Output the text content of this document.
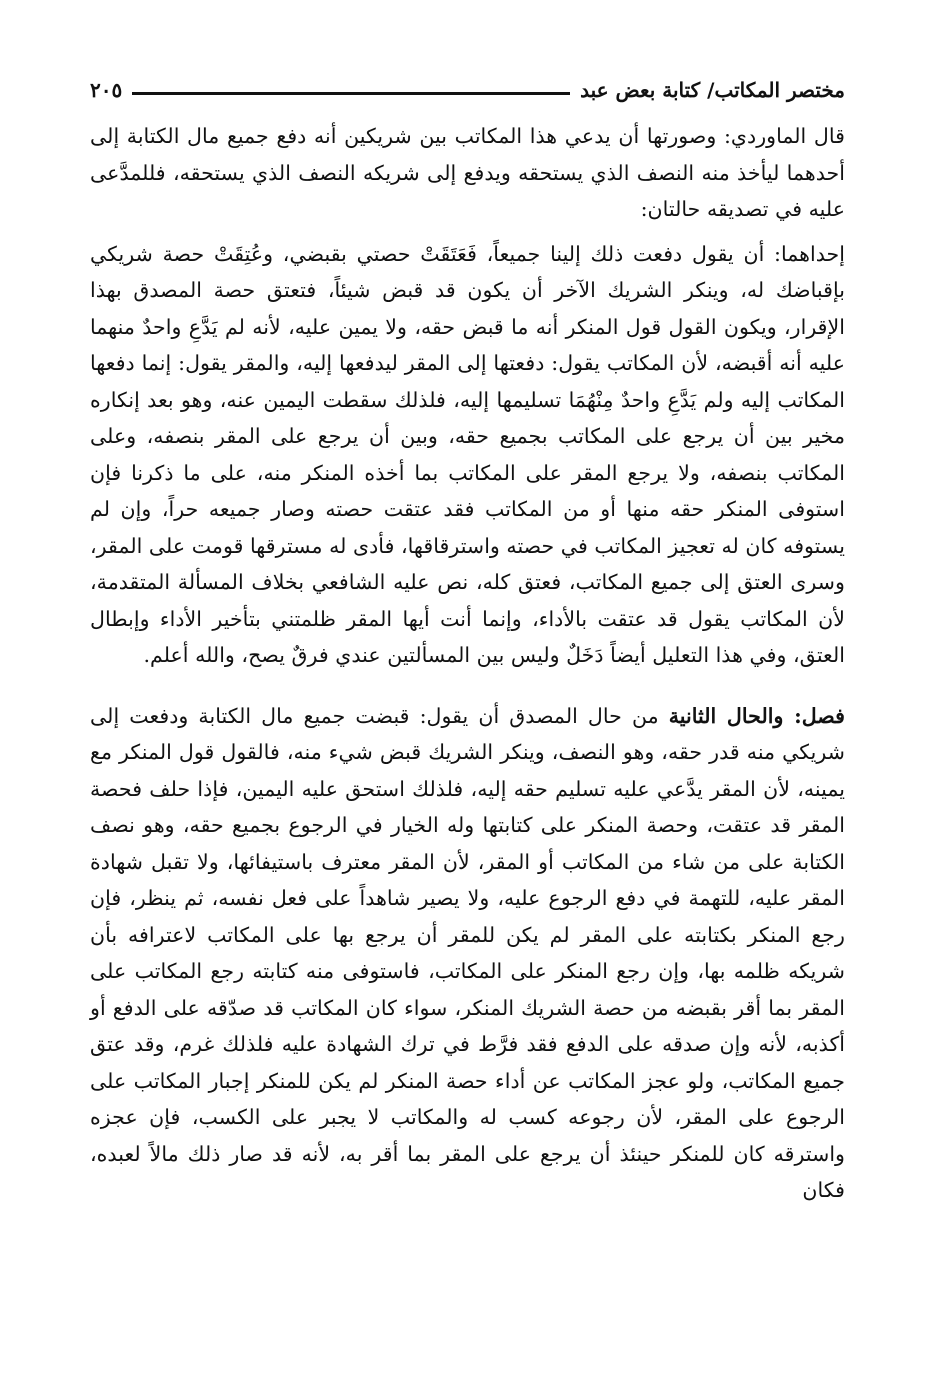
مختصر المكاتب/ كتابة بعض عبد
٢٠٥

قال الماوردي: وصورتها أن يدعي هذا المكاتب بين شريكين أنه دفع جميع مال الكتابة إلى أحدهما ليأخذ منه النصف الذي يستحقه ويدفع إلى شريكه النصف الذي يستحقه، فللمدَّعى عليه في تصديقه حالتان:

إحداهما: أن يقول دفعت ذلك إلينا جميعاً، فَعَتَقَتْ حصتي بقبضي، وعُتِقَتْ حصة شريكي بإقباضك له، وينكر الشريك الآخر أن يكون قد قبض شيئاً، فتعتق حصة المصدق بهذا الإقرار، ويكون القول قول المنكر أنه ما قبض حقه، ولا يمين عليه، لأنه لم يَدَّعِ واحدٌ منهما عليه أنه أقبضه، لأن المكاتب يقول: دفعتها إلى المقر ليدفعها إليه، والمقر يقول: إنما دفعها المكاتب إليه ولم يَدَّعِ واحدٌ مِنْهُمَا تسليمها إليه، فلذلك سقطت اليمين عنه، وهو بعد إنكاره مخير بين أن يرجع على المكاتب بجميع حقه، وبين أن يرجع على المقر بنصفه، وعلى المكاتب بنصفه، ولا يرجع المقر على المكاتب بما أخذه المنكر منه، على ما ذكرنا فإن استوفى المنكر حقه منها أو من المكاتب فقد عتقت حصته وصار جميعه حراً، وإن لم يستوفه كان له تعجيز المكاتب في حصته واسترقاقها، فأدى له مسترقها قومت على المقر، وسرى العتق إلى جميع المكاتب، فعتق كله، نص عليه الشافعي بخلاف المسألة المتقدمة، لأن المكاتب يقول قد عتقت بالأداء، وإنما أنت أيها المقر ظلمتني بتأخير الأداء وإبطال العتق، وفي هذا التعليل أيضاً دَخَلٌ وليس بين المسألتين عندي فرقٌ يصح، والله أعلم.

فصل: والحال الثانية من حال المصدق أن يقول: قبضت جميع مال الكتابة ودفعت إلى شريكي منه قدر حقه، وهو النصف، وينكر الشريك قبض شيء منه، فالقول قول المنكر مع يمينه، لأن المقر يدَّعي عليه تسليم حقه إليه، فلذلك استحق عليه اليمين، فإذا حلف فحصة المقر قد عتقت، وحصة المنكر على كتابتها وله الخيار في الرجوع بجميع حقه، وهو نصف الكتابة على من شاء من المكاتب أو المقر، لأن المقر معترف باستيفائها، ولا تقبل شهادة المقر عليه، للتهمة في دفع الرجوع عليه، ولا يصير شاهداً على فعل نفسه، ثم ينظر، فإن رجع المنكر بكتابته على المقر لم يكن للمقر أن يرجع بها على المكاتب لاعترافه بأن شريكه ظلمه بها، وإن رجع المنكر على المكاتب، فاستوفى منه كتابته رجع المكاتب على المقر بما أقر بقبضه من حصة الشريك المنكر، سواء كان المكاتب قد صدّقه على الدفع أو أكذبه، لأنه وإن صدقه على الدفع فقد فرَّط في ترك الشهادة عليه فلذلك غرم، وقد عتق جميع المكاتب، ولو عجز المكاتب عن أداء حصة المنكر لم يكن للمنكر إجبار المكاتب على الرجوع على المقر، لأن رجوعه كسب له والمكاتب لا يجبر على الكسب، فإن عجزه واسترقه كان للمنكر حينئذ أن يرجع على المقر بما أقر به، لأنه قد صار ذلك مالاً لعبده، فكان
